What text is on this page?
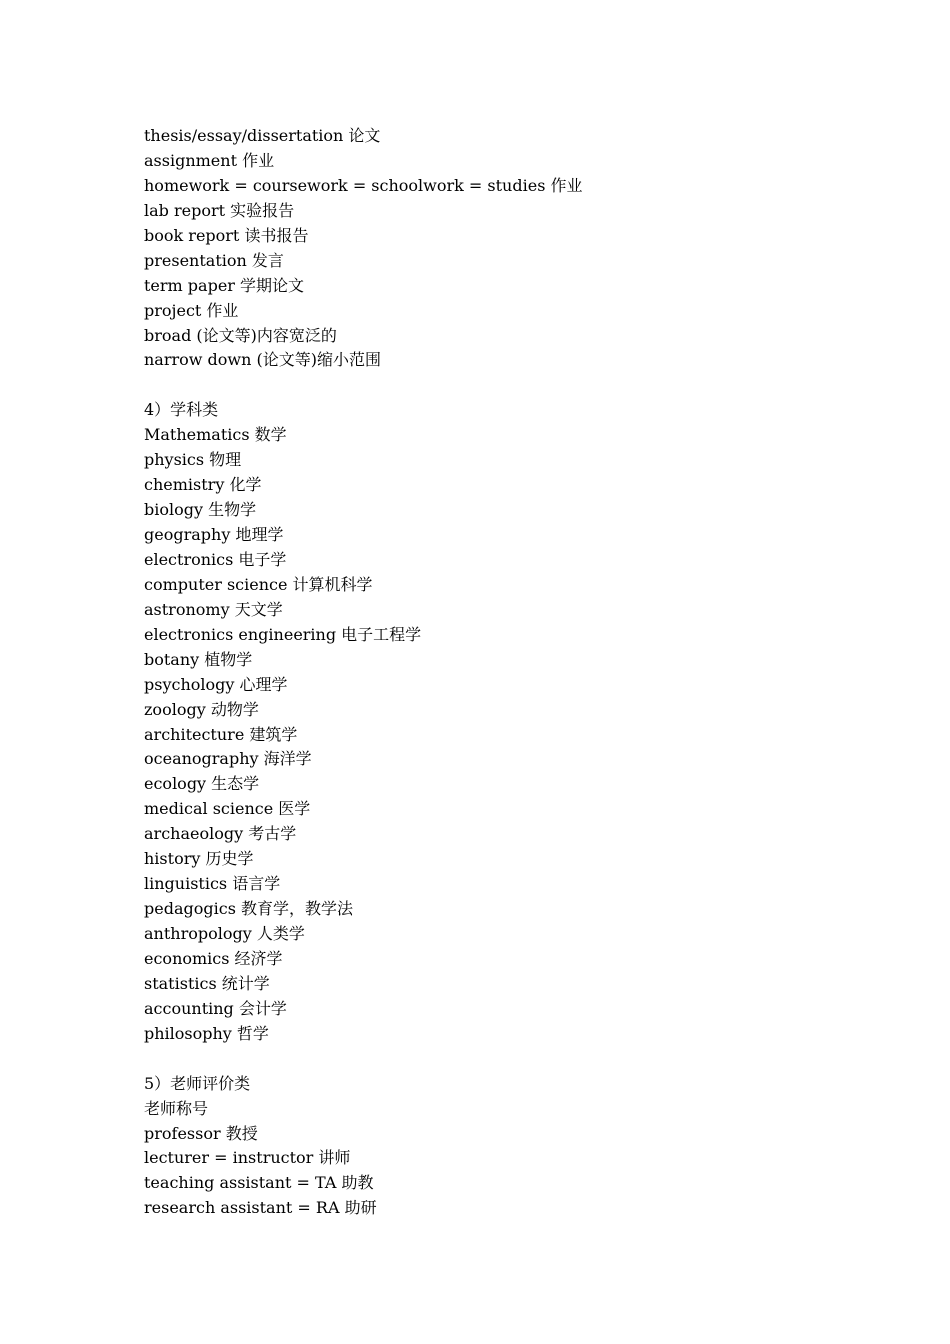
thesis/essay/dissertation 论文
assignment 作业
homework = coursework = schoolwork = studies 作业
lab report 实验报告
book report 读书报告
presentation 发言
term paper 学期论文
project 作业
broad (论文等)内容宽泛的
narrow down (论文等)缩小范围
4）学科类
Mathematics 数学
physics 物理
chemistry 化学
biology 生物学
geography 地理学
electronics 电子学
computer science 计算机科学
astronomy 天文学
electronics engineering 电子工程学
botany 植物学
psychology 心理学
zoology 动物学
architecture 建筑学
oceanography 海洋学
ecology 生态学
medical science 医学
archaeology 考古学
history 历史学
linguistics 语言学
pedagogics 教育学，教学法
anthropology 人类学
economics 经济学
statistics 统计学
accounting 会计学
philosophy 哲学
5）老师评价类
老师称号
professor 教授
lecturer = instructor 讲师
teaching assistant = TA 助教
research assistant = RA 助研
